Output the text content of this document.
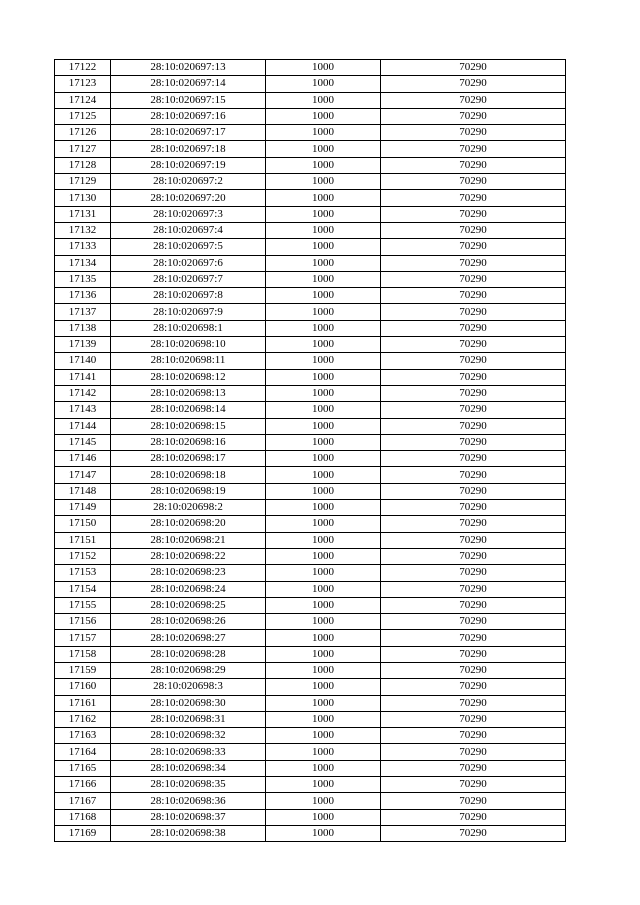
17122	28:10:020697:13	1000	70290
17123	28:10:020697:14	1000	70290
17124	28:10:020697:15	1000	70290
17125	28:10:020697:16	1000	70290
17126	28:10:020697:17	1000	70290
17127	28:10:020697:18	1000	70290
17128	28:10:020697:19	1000	70290
17129	28:10:020697:2	1000	70290
17130	28:10:020697:20	1000	70290
17131	28:10:020697:3	1000	70290
17132	28:10:020697:4	1000	70290
17133	28:10:020697:5	1000	70290
17134	28:10:020697:6	1000	70290
17135	28:10:020697:7	1000	70290
17136	28:10:020697:8	1000	70290
17137	28:10:020697:9	1000	70290
17138	28:10:020698:1	1000	70290
17139	28:10:020698:10	1000	70290
17140	28:10:020698:11	1000	70290
17141	28:10:020698:12	1000	70290
17142	28:10:020698:13	1000	70290
17143	28:10:020698:14	1000	70290
17144	28:10:020698:15	1000	70290
17145	28:10:020698:16	1000	70290
17146	28:10:020698:17	1000	70290
17147	28:10:020698:18	1000	70290
17148	28:10:020698:19	1000	70290
17149	28:10:020698:2	1000	70290
17150	28:10:020698:20	1000	70290
17151	28:10:020698:21	1000	70290
17152	28:10:020698:22	1000	70290
17153	28:10:020698:23	1000	70290
17154	28:10:020698:24	1000	70290
17155	28:10:020698:25	1000	70290
17156	28:10:020698:26	1000	70290
17157	28:10:020698:27	1000	70290
17158	28:10:020698:28	1000	70290
17159	28:10:020698:29	1000	70290
17160	28:10:020698:3	1000	70290
17161	28:10:020698:30	1000	70290
17162	28:10:020698:31	1000	70290
17163	28:10:020698:32	1000	70290
17164	28:10:020698:33	1000	70290
17165	28:10:020698:34	1000	70290
17166	28:10:020698:35	1000	70290
17167	28:10:020698:36	1000	70290
17168	28:10:020698:37	1000	70290
17169	28:10:020698:38	1000	70290
